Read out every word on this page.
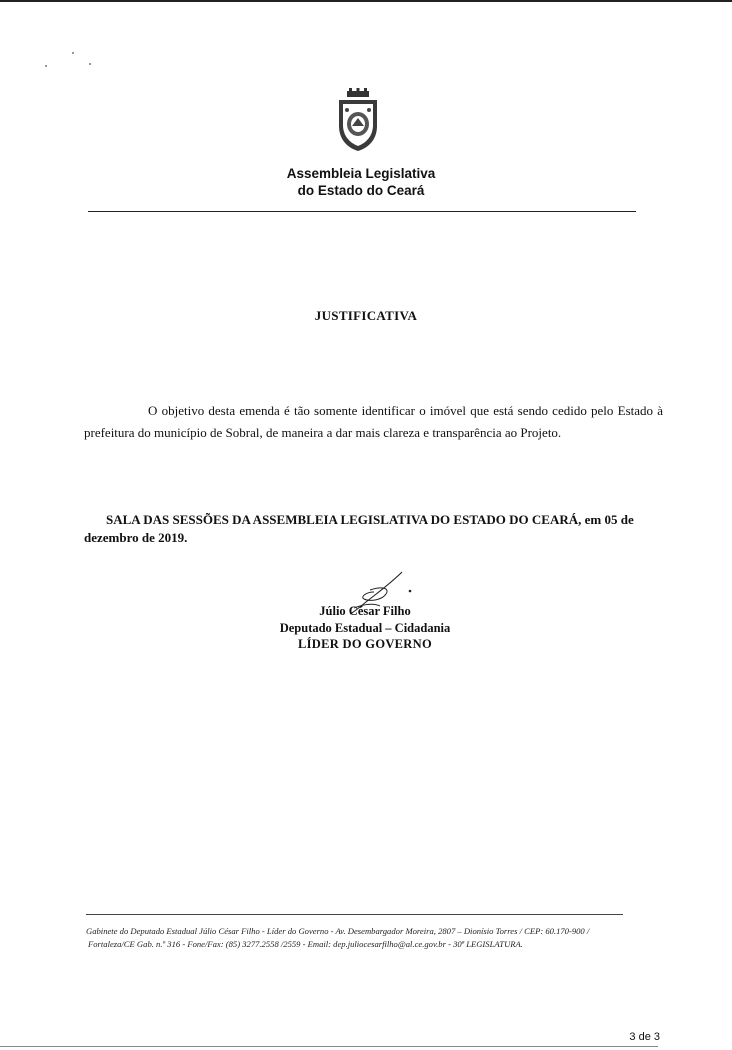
Assembleia Legislativa
do Estado do Ceará
JUSTIFICATIVA
O objetivo desta emenda é tão somente identificar o imóvel que está sendo cedido pelo Estado à prefeitura do município de Sobral, de maneira a dar mais clareza e transparência ao Projeto.
SALA DAS SESSÕES DA ASSEMBLEIA LEGISLATIVA DO ESTADO DO CEARÁ, em 05 de dezembro de 2019.
Júlio César Filho
Deputado Estadual – Cidadania
LÍDER DO GOVERNO
Gabinete do Deputado Estadual Júlio César Filho - Líder do Governo - Av. Desembargador Moreira, 2807 – Dionísio Torres / CEP: 60.170-900 /
Fortaleza/CE Gab. n.º 316 - Fone/Fax: (85) 3277.2558 /2559 - Email: dep.juliocesarfilho@al.ce.gov.br - 30ª LEGISLATURA.
3 de 3
